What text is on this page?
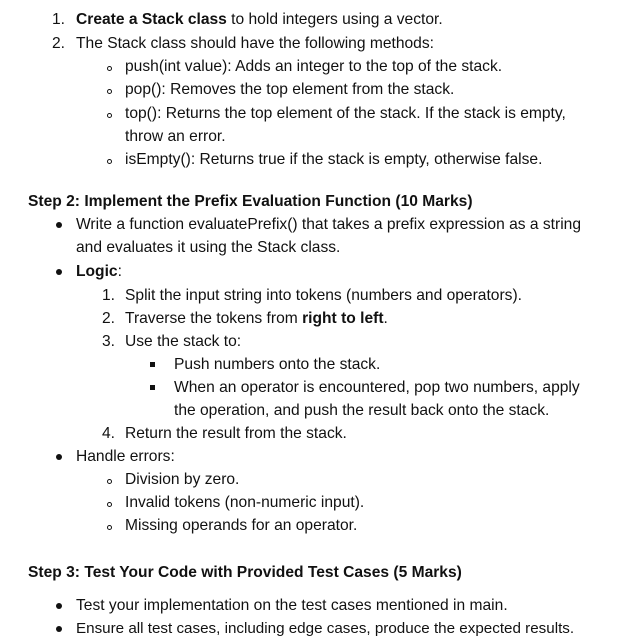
1. Create a Stack class to hold integers using a vector.
2. The Stack class should have the following methods:
push(int value): Adds an integer to the top of the stack.
pop(): Removes the top element from the stack.
top(): Returns the top element of the stack. If the stack is empty,
throw an error.
isEmpty(): Returns true if the stack is empty, otherwise false.
Step 2: Implement the Prefix Evaluation Function (10 Marks)
Write a function evaluatePrefix() that takes a prefix expression as a string
and evaluates it using the Stack class.
Logic:
1. Split the input string into tokens (numbers and operators).
2. Traverse the tokens from right to left.
3. Use the stack to:
Push numbers onto the stack.
When an operator is encountered, pop two numbers, apply
the operation, and push the result back onto the stack.
4. Return the result from the stack.
Handle errors:
Division by zero.
Invalid tokens (non-numeric input).
Missing operands for an operator.
Step 3: Test Your Code with Provided Test Cases (5 Marks)
Test your implementation on the test cases mentioned in main.
Ensure all test cases, including edge cases, produce the expected results.
